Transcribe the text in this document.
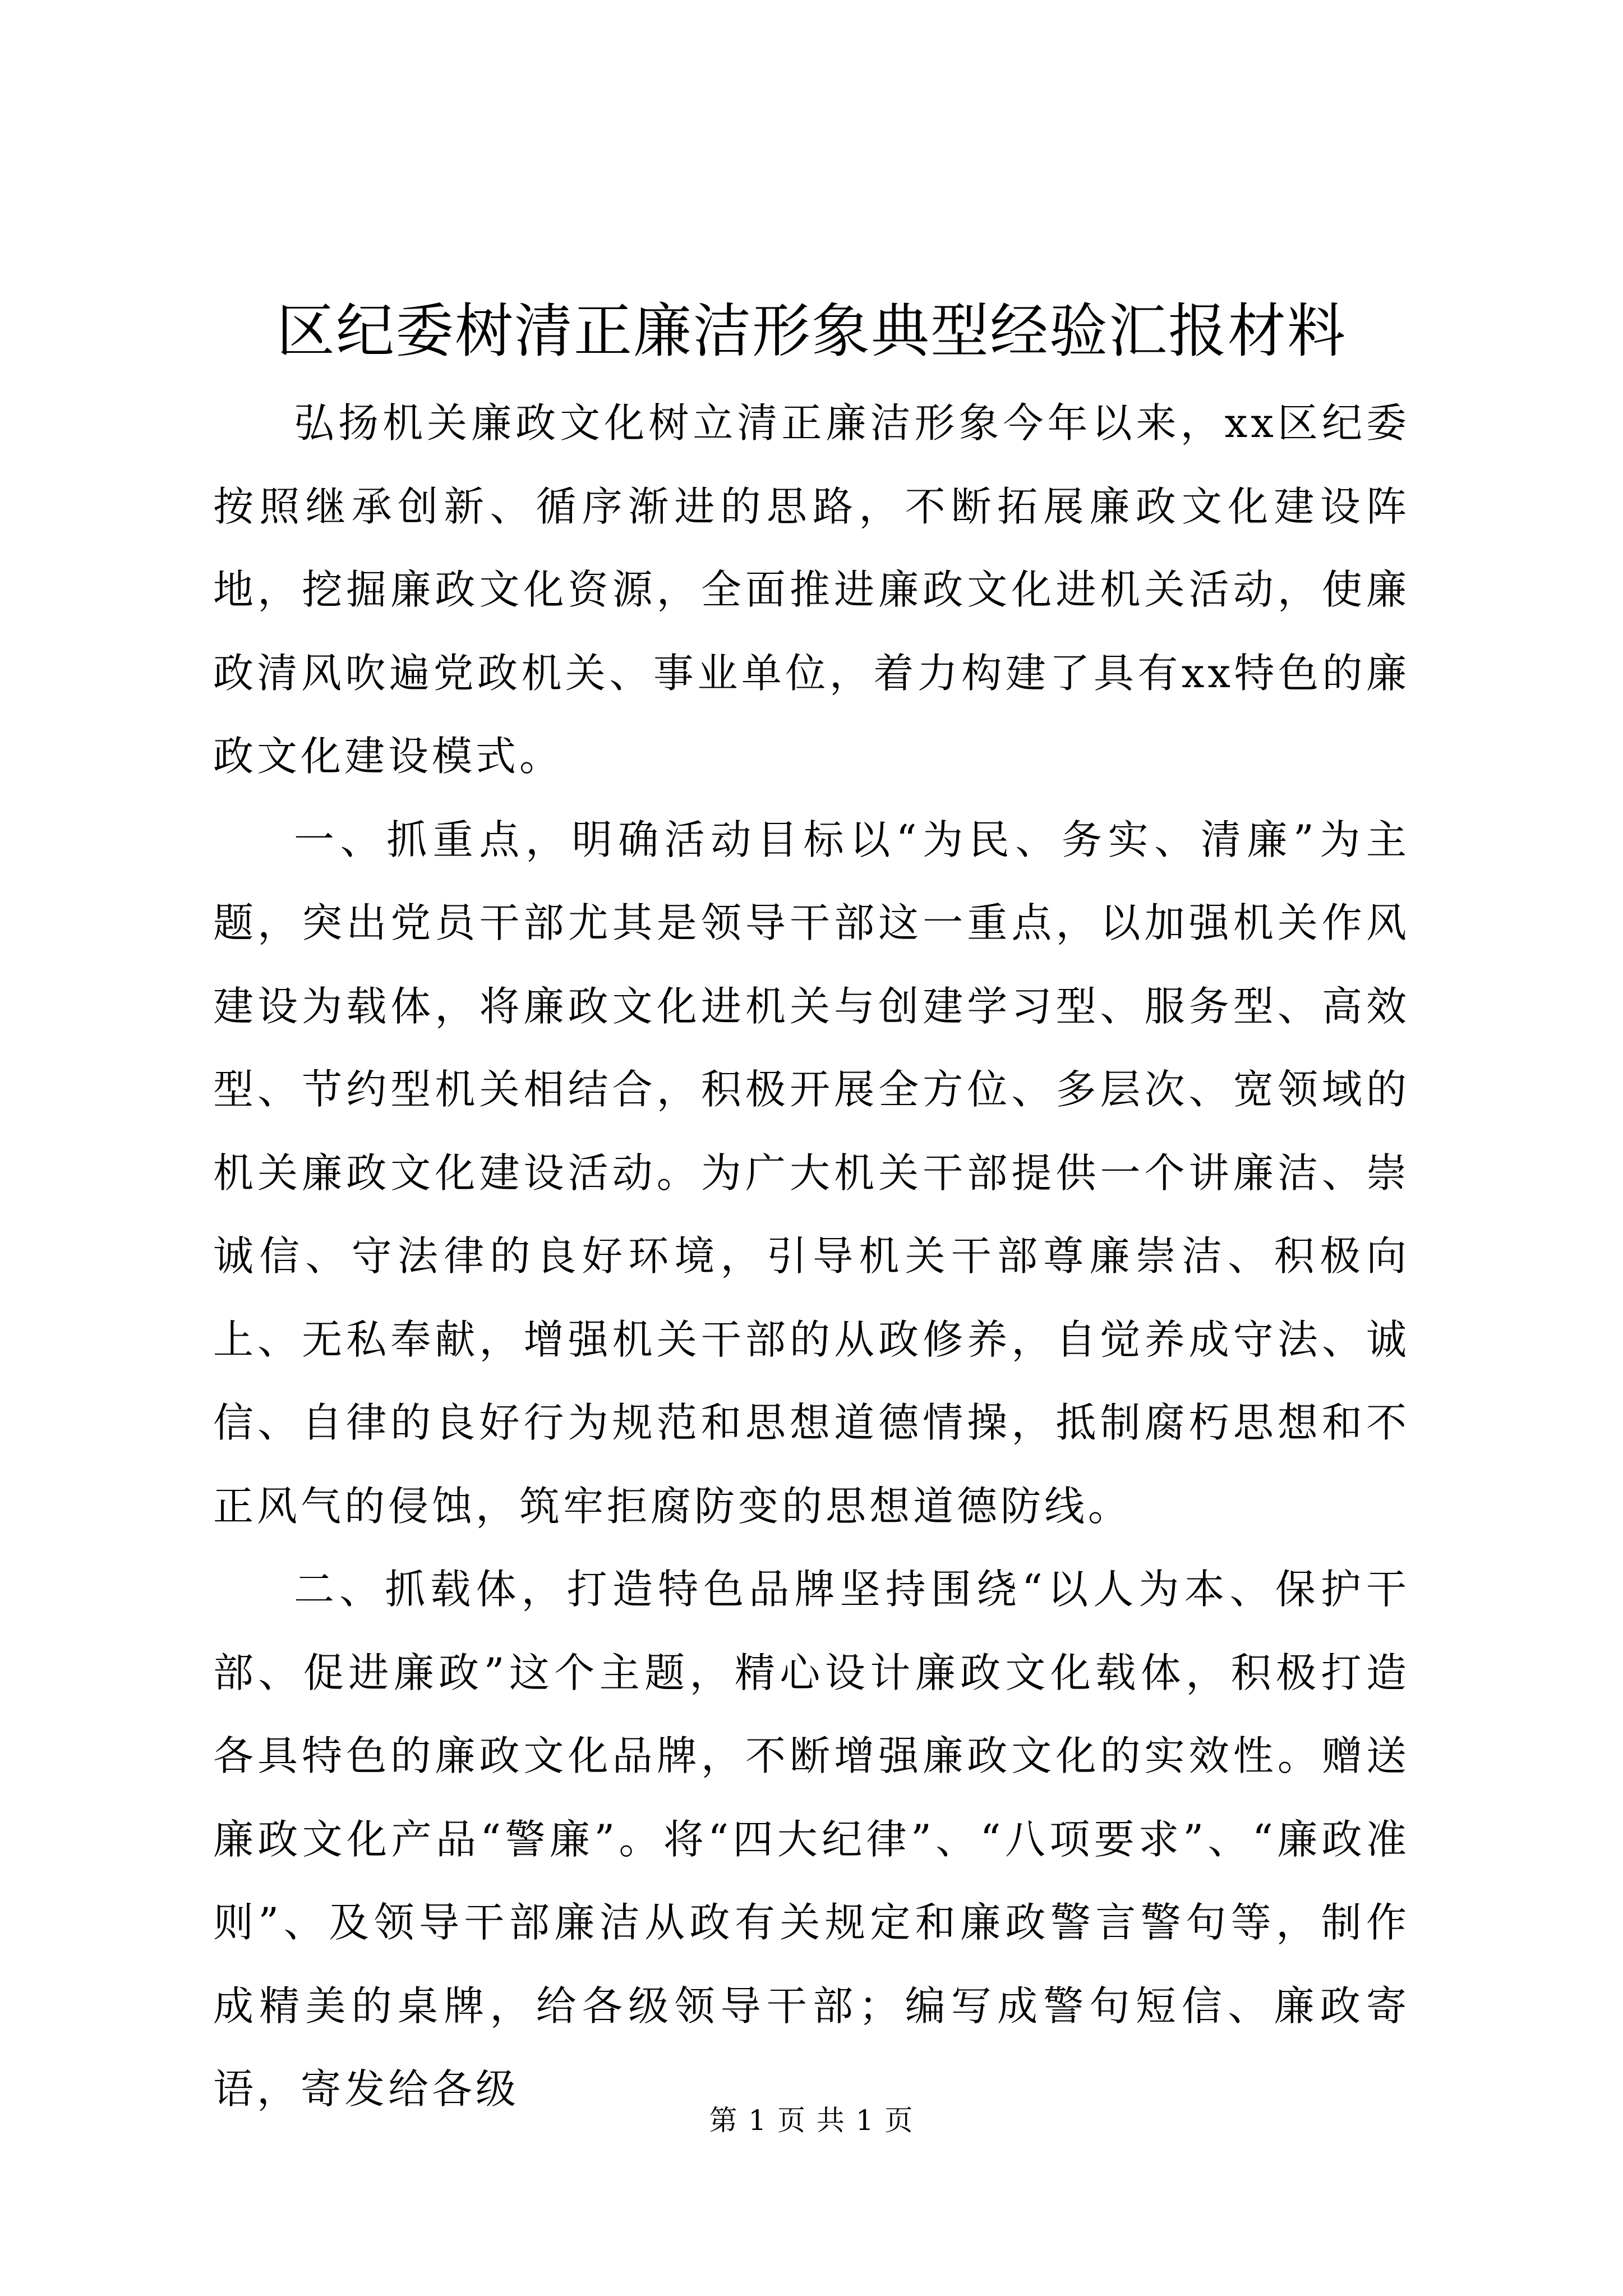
区纪委树清正廉洁形象典型经验汇报材料

弘扬机关廉政文化树立清正廉洁形象今年以来，xx区纪委按照继承创新、循序渐进的思路，不断拓展廉政文化建设阵地，挖掘廉政文化资源，全面推进廉政文化进机关活动，使廉政清风吹遍党政机关、事业单位，着力构建了具有xx特色的廉政文化建设模式。

一、抓重点，明确活动目标以“为民、务实、清廉”为主题，突出党员干部尤其是领导干部这一重点，以加强机关作风建设为载体，将廉政文化进机关与创建学习型、服务型、高效型、节约型机关相结合，积极开展全方位、多层次、宽领域的机关廉政文化建设活动。为广大机关干部提供一个讲廉洁、崇诚信、守法律的良好环境，引导机关干部尊廉崇洁、积极向上、无私奉献，增强机关干部的从政修养，自觉养成守法、诚信、自律的良好行为规范和思想道德情操，抵制腐朽思想和不正风气的侵蚀，筑牢拒腐防变的思想道德防线。

二、抓载体，打造特色品牌坚持围绕“以人为本、保护干部、促进廉政”这个主题，精心设计廉政文化载体，积极打造各具特色的廉政文化品牌，不断增强廉政文化的实效性。赠送廉政文化产品“警廉”。将“四大纪律”、“八项要求”、“廉政准则”、及领导干部廉洁从政有关规定和廉政警言警句等，制作成精美的桌牌，给各级领导干部；编写成警句短信、廉政寄语，寄发给各级

第 1 页 共 1 页
